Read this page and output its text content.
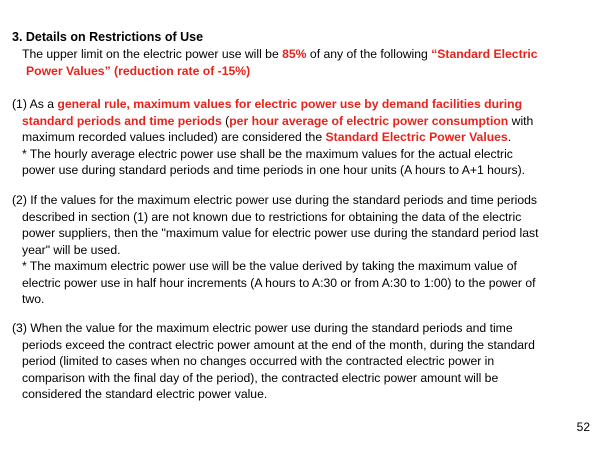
3. Details on Restrictions of Use
The upper limit on the electric power use will be 85% of any of the following “Standard Electric
Power Values” (reduction rate of -15%)
(1) As a general rule, maximum values for electric power use by demand facilities during
standard periods and time periods (per hour average of electric power consumption with
maximum recorded values included) are considered the Standard Electric Power Values.
* The hourly average electric power use shall be the maximum values for the actual electric
power use during standard periods and time periods in one hour units (A hours to A+1 hours).
(2) If the values for the maximum electric power use during the standard periods and time periods
described in section (1) are not known due to restrictions for obtaining the data of the electric
power suppliers, then the "maximum value for electric power use during the standard period last
year" will be used.
* The maximum electric power use will be the value derived by taking the maximum value of
electric power use in half hour increments (A hours to A:30 or from A:30 to 1:00) to the power of
two.
(3) When the value for the maximum electric power use during the standard periods and time
periods exceed the contract electric power amount at the end of the month, during the standard
period (limited to cases when no changes occurred with the contracted electric power in
comparison with the final day of the period), the contracted electric power amount will be
considered the standard electric power value.
52
